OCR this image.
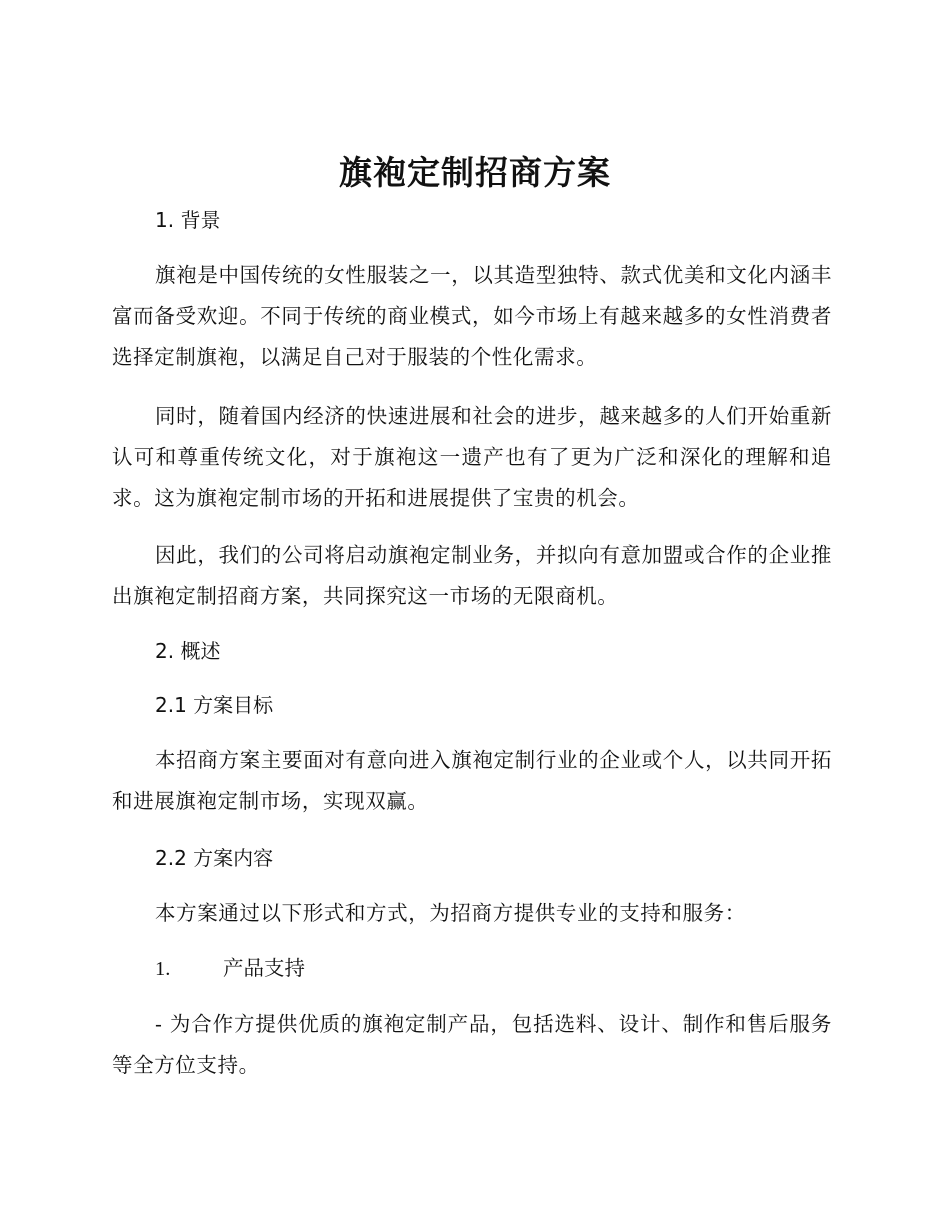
旗袍定制招商方案
1. 背景

旗袍是中国传统的女性服装之一，以其造型独特、款式优美和文化内涵丰富而备受欢迎。不同于传统的商业模式，如今市场上有越来越多的女性消费者选择定制旗袍，以满足自己对于服装的个性化需求。

同时，随着国内经济的快速进展和社会的进步，越来越多的人们开始重新认可和尊重传统文化，对于旗袍这一遗产也有了更为广泛和深化的理解和追求。这为旗袍定制市场的开拓和进展提供了宝贵的机会。

因此，我们的公司将启动旗袍定制业务，并拟向有意加盟或合作的企业推出旗袍定制招商方案，共同探究这一市场的无限商机。

2. 概述
2.1 方案目标

本招商方案主要面对有意向进入旗袍定制行业的企业或个人，以共同开拓和进展旗袍定制市场，实现双赢。

2.2 方案内容

本方案通过以下形式和方式，为招商方提供专业的支持和服务：

1.	产品支持

- 为合作方提供优质的旗袍定制产品，包括选料、设计、制作和售后服务等全方位支持。
